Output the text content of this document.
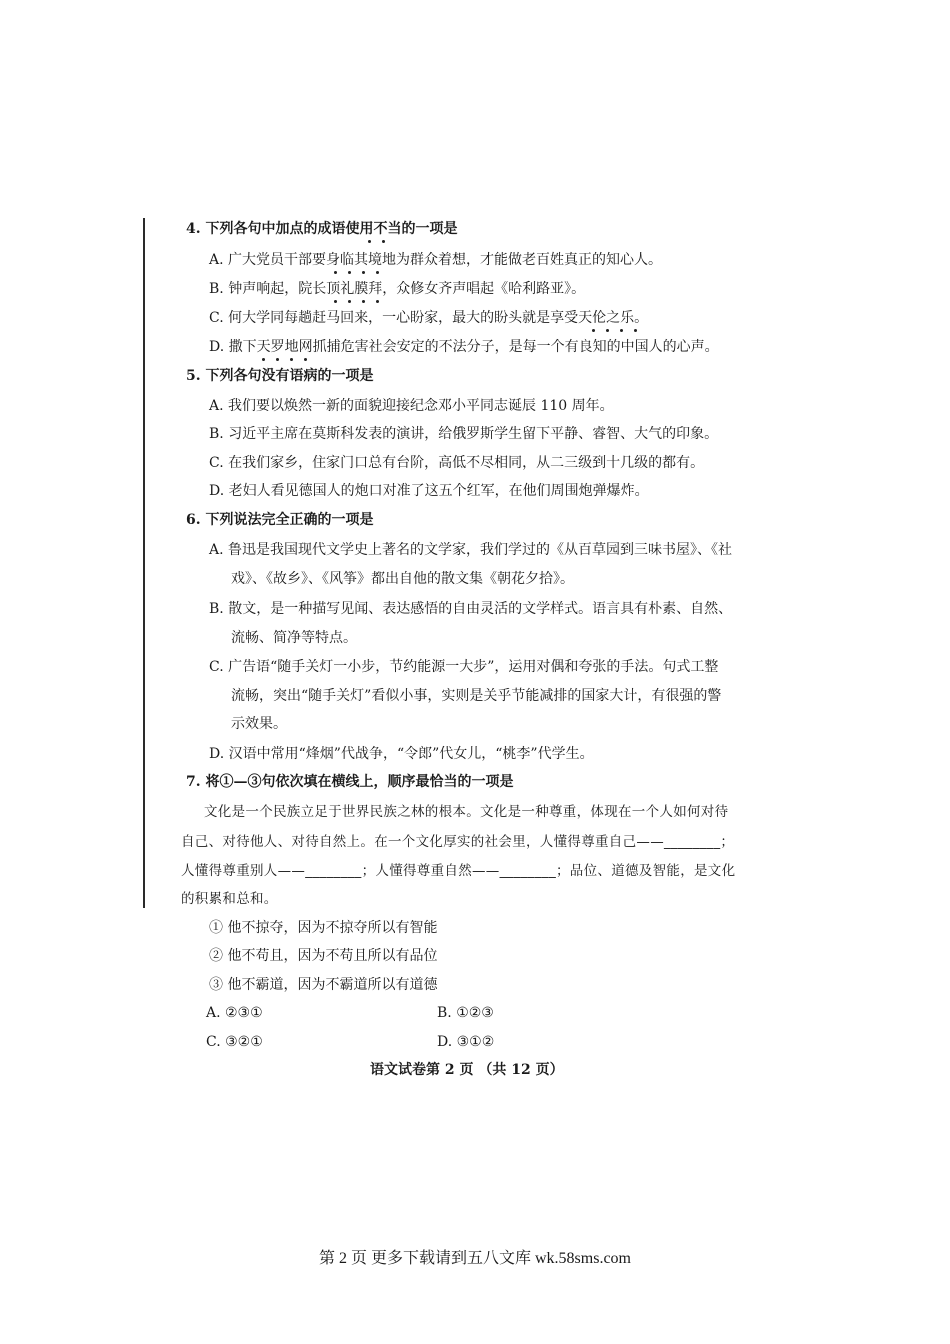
4. 下列各句中加点的成语使用不当的一项是
A. 广大党员干部要身临其境地为群众着想，才能做老百姓真正的知心人。
B. 钟声响起，院长顶礼膜拜，众修女齐声唱起《哈利路亚》。
C. 何大学同每趟赶马回来，一心盼家，最大的盼头就是享受天伦之乐。
D. 撒下天罗地网抓捕危害社会安定的不法分子，是每一个有良知的中国人的心声。
5. 下列各句没有语病的一项是
A. 我们要以焕然一新的面貌迎接纪念邓小平同志诞辰 110 周年。
B. 习近平主席在莫斯科发表的演讲，给俄罗斯学生留下平静、睿智、大气的印象。
C. 在我们家乡，住家门口总有台阶，高低不尽相同，从二三级到十几级的都有。
D. 老妇人看见德国人的炮口对准了这五个红军，在他们周围炮弹爆炸。
6. 下列说法完全正确的一项是
A. 鲁迅是我国现代文学史上著名的文学家，我们学过的《从百草园到三味书屋》、《社
戏》、《故乡》、《风筝》都出自他的散文集《朝花夕拾》。
B. 散文，是一种描写见闻、表达感悟的自由灵活的文学样式。语言具有朴素、自然、
流畅、简净等特点。
C. 广告语“随手关灯一小步，节约能源一大步”，运用对偶和夸张的手法。句式工整
流畅，突出“随手关灯”看似小事，实则是关乎节能减排的国家大计，有很强的警
示效果。
D. 汉语中常用“烽烟”代战争，“令郎”代女儿，“桃李”代学生。
7. 将①—③句依次填在横线上，顺序最恰当的一项是
文化是一个民族立足于世界民族之林的根本。文化是一种尊重，体现在一个人如何对待
自己、对待他人、对待自然上。在一个文化厚实的社会里，人懂得尊重自己——________；
人懂得尊重别人——________；人懂得尊重自然——________；品位、道德及智能，是文化
的积累和总和。
① 他不掠夺，因为不掠夺所以有智能
② 他不苟且，因为不苟且所以有品位
③ 他不霸道，因为不霸道所以有道德
A. ②③①	B. ①②③
C. ③②①	D. ③①②
语文试卷第 2 页 （共 12 页）
第 2 页 更多下载请到五八文库 wk.58sms.com
